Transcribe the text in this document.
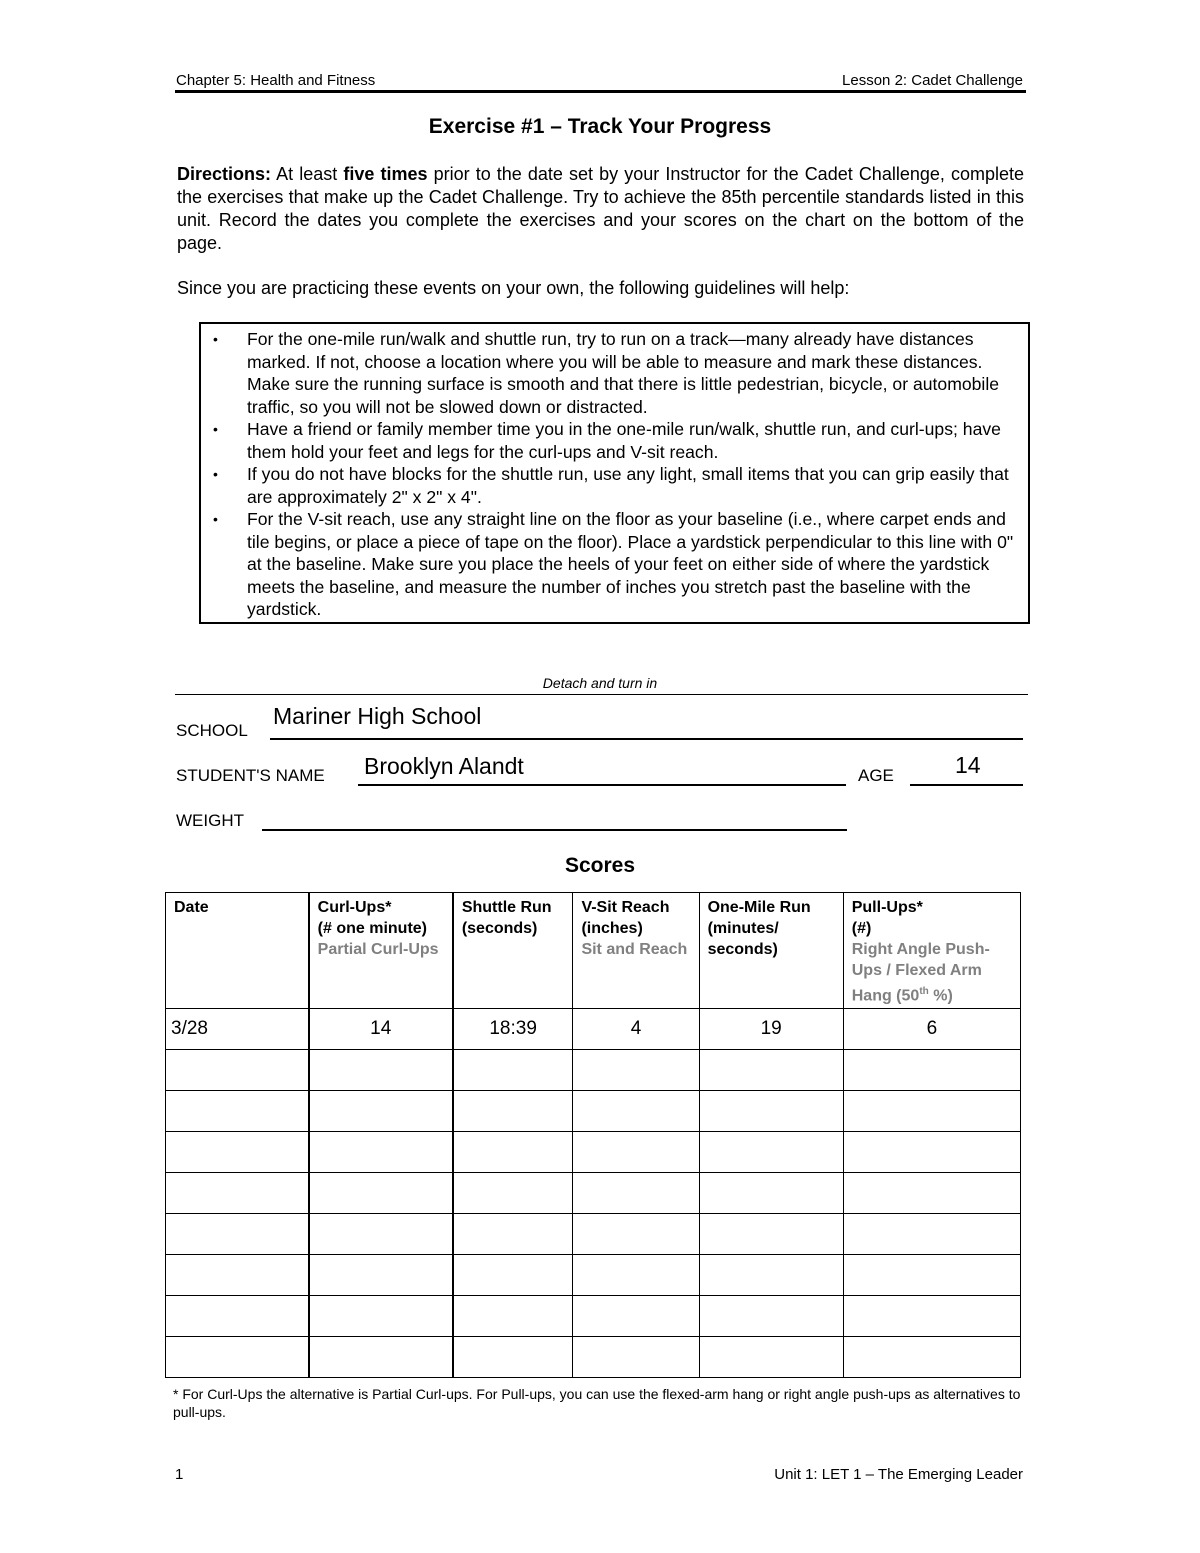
Chapter 5: Health and Fitness	Lesson 2: Cadet Challenge
Exercise #1 – Track Your Progress
Directions: At least five times prior to the date set by your Instructor for the Cadet Challenge, complete the exercises that make up the Cadet Challenge. Try to achieve the 85th percentile standards listed in this unit. Record the dates you complete the exercises and your scores on the chart on the bottom of the page.
Since you are practicing these events on your own, the following guidelines will help:
• For the one-mile run/walk and shuttle run, try to run on a track—many already have distances marked. If not, choose a location where you will be able to measure and mark these distances. Make sure the running surface is smooth and that there is little pedestrian, bicycle, or automobile traffic, so you will not be slowed down or distracted.
• Have a friend or family member time you in the one-mile run/walk, shuttle run, and curl-ups; have them hold your feet and legs for the curl-ups and V-sit reach.
• If you do not have blocks for the shuttle run, use any light, small items that you can grip easily that are approximately 2" x 2" x 4".
• For the V-sit reach, use any straight line on the floor as your baseline (i.e., where carpet ends and tile begins, or place a piece of tape on the floor). Place a yardstick perpendicular to this line with 0" at the baseline. Make sure you place the heels of your feet on either side of where the yardstick meets the baseline, and measure the number of inches you stretch past the baseline with the yardstick.
Detach and turn in
SCHOOL
Mariner High School
STUDENT'S NAME Brooklyn Alandt	AGE	14
WEIGHT
Scores
Date	Curl-Ups*
(# one minute)
Partial Curl-Ups	Shuttle Run
(seconds)	V-Sit Reach
(inches)
Sit and Reach	One-Mile Run
(minutes/
seconds)	Pull-Ups*
(#)
Right Angle Push-Ups / Flexed Arm Hang (50th %)

3/28	14	18:39	4	19	6

* For Curl-Ups the alternative is Partial Curl-ups. For Pull-ups, you can use the flexed-arm hang or right angle push-ups as alternatives to pull-ups.
1	Unit 1: LET 1 – The Emerging Leader
